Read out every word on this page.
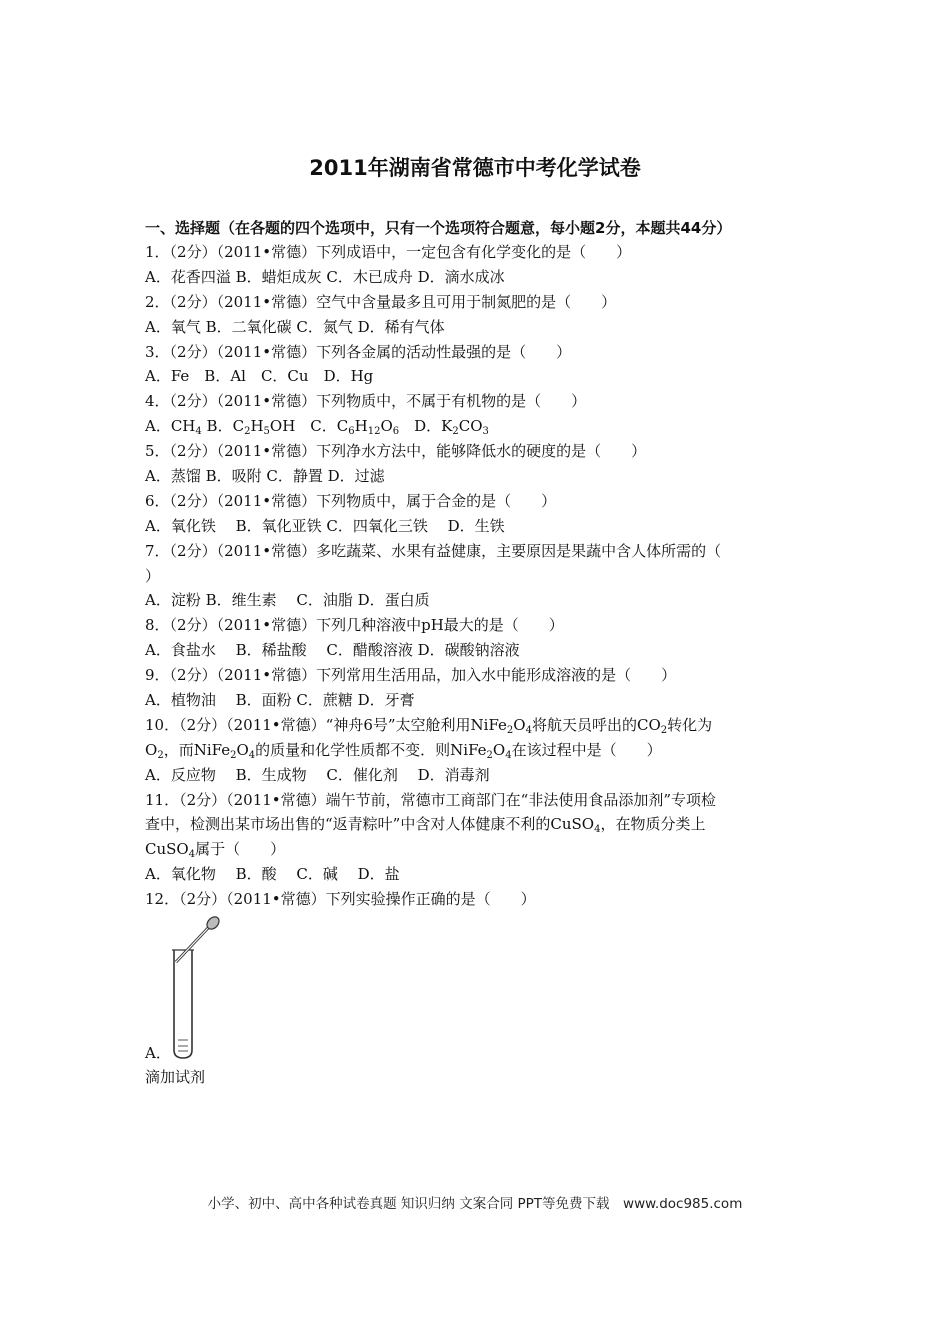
2011年湖南省常德市中考化学试卷
一、选择题（在各题的四个选项中，只有一个选项符合题意，每小题2分，本题共44分）
1．（2分）（2011•常德）下列成语中，一定包含有化学变化的是（　　）
A．花香四溢 B．蜡炬成灰 C．木已成舟 D．滴水成冰
2．（2分）（2011•常德）空气中含量最多且可用于制氮肥的是（　　）
A．氧气 B．二氧化碳 C．氮气 D．稀有气体
3．（2分）（2011•常德）下列各金属的活动性最强的是（　　）
A．Fe　B．Al　C．Cu　D．Hg
4．（2分）（2011•常德）下列物质中，不属于有机物的是（　　）
A．$CH_4$ B．$C_2H_5OH$　C．$C_6H_{12}O_6$　D．$K_2CO_3$
5．（2分）（2011•常德）下列净水方法中，能够降低水的硬度的是（　　）
A．蒸馏 B．吸附 C．静置 D．过滤
6．（2分）（2011•常德）下列物质中，属于合金的是（　　）
A．氧化铁　 B．氧化亚铁 C．四氧化三铁　 D．生铁
7．（2分）（2011•常德）多吃蔬菜、水果有益健康，主要原因是果蔬中含人体所需的（
）
A．淀粉 B．维生素　 C．油脂 D．蛋白质
8．（2分）（2011•常德）下列几种溶液中pH最大的是（　　）
A．食盐水　 B．稀盐酸　 C．醋酸溶液 D．碳酸钠溶液
9．（2分）（2011•常德）下列常用生活用品，加入水中能形成溶液的是（　　）
A．植物油　 B．面粉 C．蔗糖 D．牙膏
10．（2分）（2011•常德）“神舟6号”太空舱利用$NiFe_2O_4$将航天员呼出的$CO_2$转化为
$O_2$，而$NiFe_2O_4$的质量和化学性质都不变．则$NiFe_2O_4$在该过程中是（　　）
A．反应物　 B．生成物　 C．催化剂　 D．消毒剂
11．（2分）（2011•常德）端午节前，常德市工商部门在“非法使用食品添加剂”专项检
查中，检测出某市场出售的“返青粽叶”中含对人体健康不利的CuSO$_4$，在物质分类上
CuSO$_4$属于（　　）
A．氧化物　 B．酸　 C．碱　 D．盐
12．（2分）（2011•常德）下列实验操作正确的是（　　）
A．
滴加试剂
小学、初中、高中各种试卷真题 知识归纳 文案合同 PPT等免费下载　www.doc985.com
